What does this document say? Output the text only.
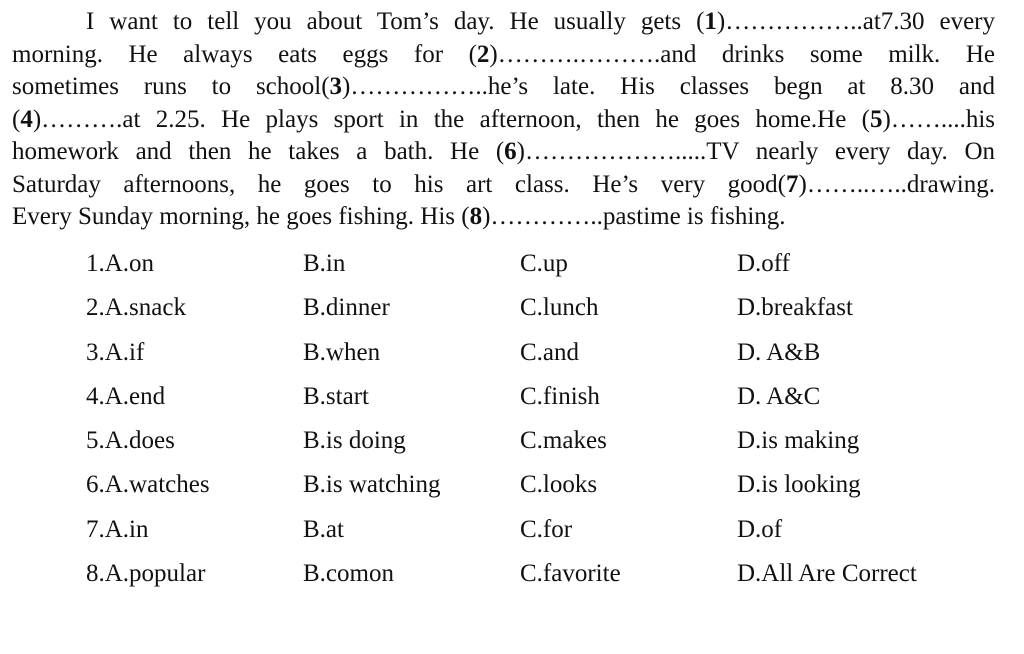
I want to tell you about Tom’s day. He usually gets (1)……………..at7.30 every
morning. He always eats eggs for (2)……….……….and drinks some milk. He
sometimes runs to school(3)……………..he’s late. His classes begn at 8.30 and
(4)……….at 2.25. He plays sport in the afternoon, then he goes home.He (5)……....his
homework and then he takes a bath. He (6)……………….....TV nearly every day. On
Saturday afternoons, he goes to his art class. He’s very good(7)……..…..drawing.
Every Sunday morning, he goes fishing. His (8)…………..pastime is fishing.
1.A.on	B.in	C.up	D.off
2.A.snack	B.dinner	C.lunch	D.breakfast
3.A.if	B.when	C.and	D. A&B
4.A.end	B.start	C.finish	D. A&C
5.A.does	B.is doing	C.makes	D.is making
6.A.watches	B.is watching	C.looks	D.is looking
7.A.in	B.at	C.for	D.of
8.A.popular	B.comon	C.favorite	D.All Are Correct
